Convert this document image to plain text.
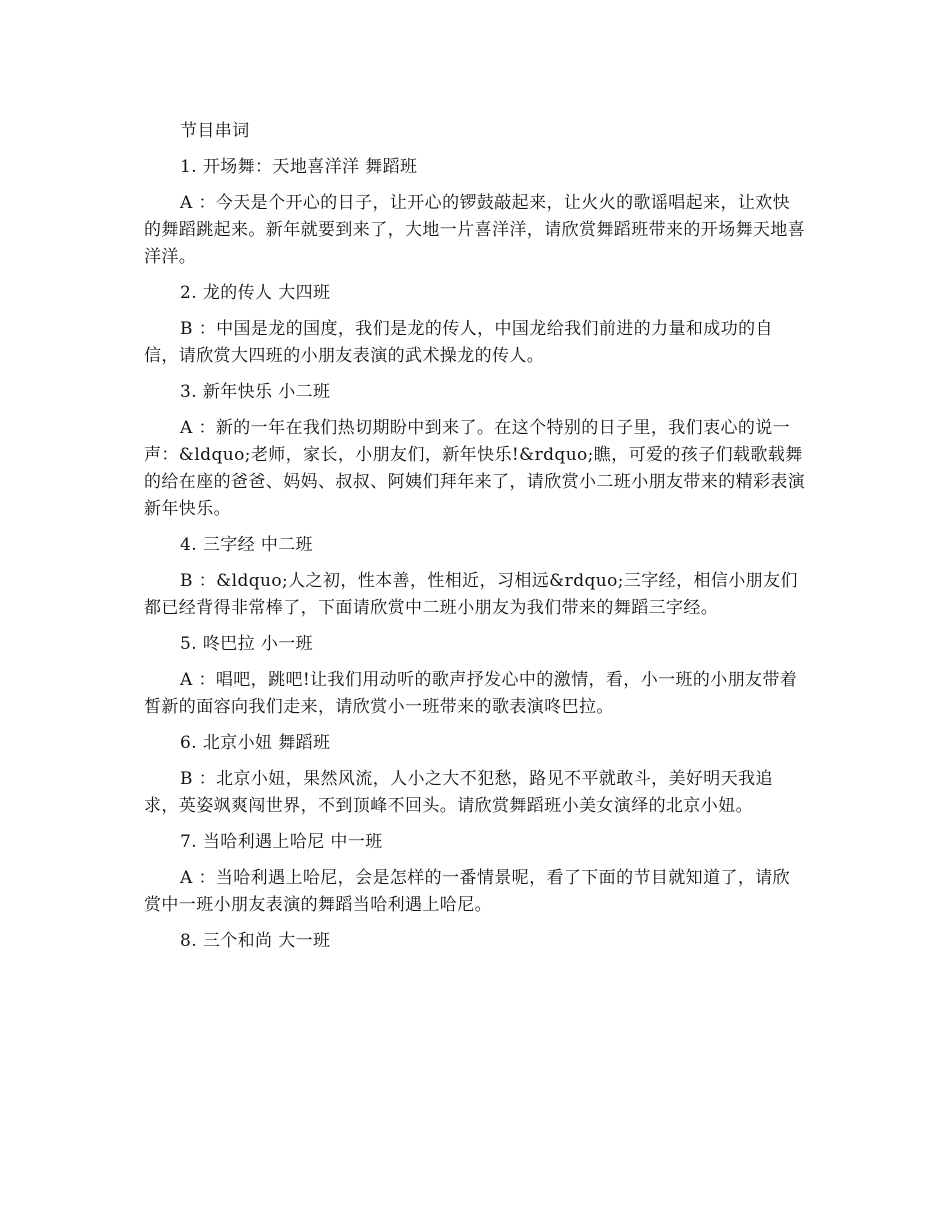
节目串词

1. 开场舞：天地喜洋洋 舞蹈班

A ：今天是个开心的日子，让开心的锣鼓敲起来，让火火的歌谣唱起来，让欢快的舞蹈跳起来。新年就要到来了，大地一片喜洋洋，请欣赏舞蹈班带来的开场舞天地喜洋洋。

2. 龙的传人 大四班

B ：中国是龙的国度，我们是龙的传人，中国龙给我们前进的力量和成功的自信，请欣赏大四班的小朋友表演的武术操龙的传人。

3. 新年快乐 小二班

A ：新的一年在我们热切期盼中到来了。在这个特别的日子里，我们衷心的说一声：&ldquo;老师，家长，小朋友们，新年快乐!&rdquo;瞧，可爱的孩子们载歌载舞的给在座的爸爸、妈妈、叔叔、阿姨们拜年来了，请欣赏小二班小朋友带来的精彩表演新年快乐。

4. 三字经 中二班

B ：&ldquo;人之初，性本善，性相近，习相远&rdquo;三字经，相信小朋友们都已经背得非常棒了，下面请欣赏中二班小朋友为我们带来的舞蹈三字经。

5. 咚巴拉 小一班

A ：唱吧，跳吧!让我们用动听的歌声抒发心中的激情，看，小一班的小朋友带着皙新的面容向我们走来，请欣赏小一班带来的歌表演咚巴拉。

6. 北京小妞 舞蹈班

B ：北京小妞，果然风流，人小之大不犯愁，路见不平就敢斗，美好明天我追求，英姿飒爽闯世界，不到顶峰不回头。请欣赏舞蹈班小美女演绎的北京小妞。

7. 当哈利遇上哈尼 中一班

A ：当哈利遇上哈尼，会是怎样的一番情景呢，看了下面的节目就知道了，请欣赏中一班小朋友表演的舞蹈当哈利遇上哈尼。

8. 三个和尚 大一班
